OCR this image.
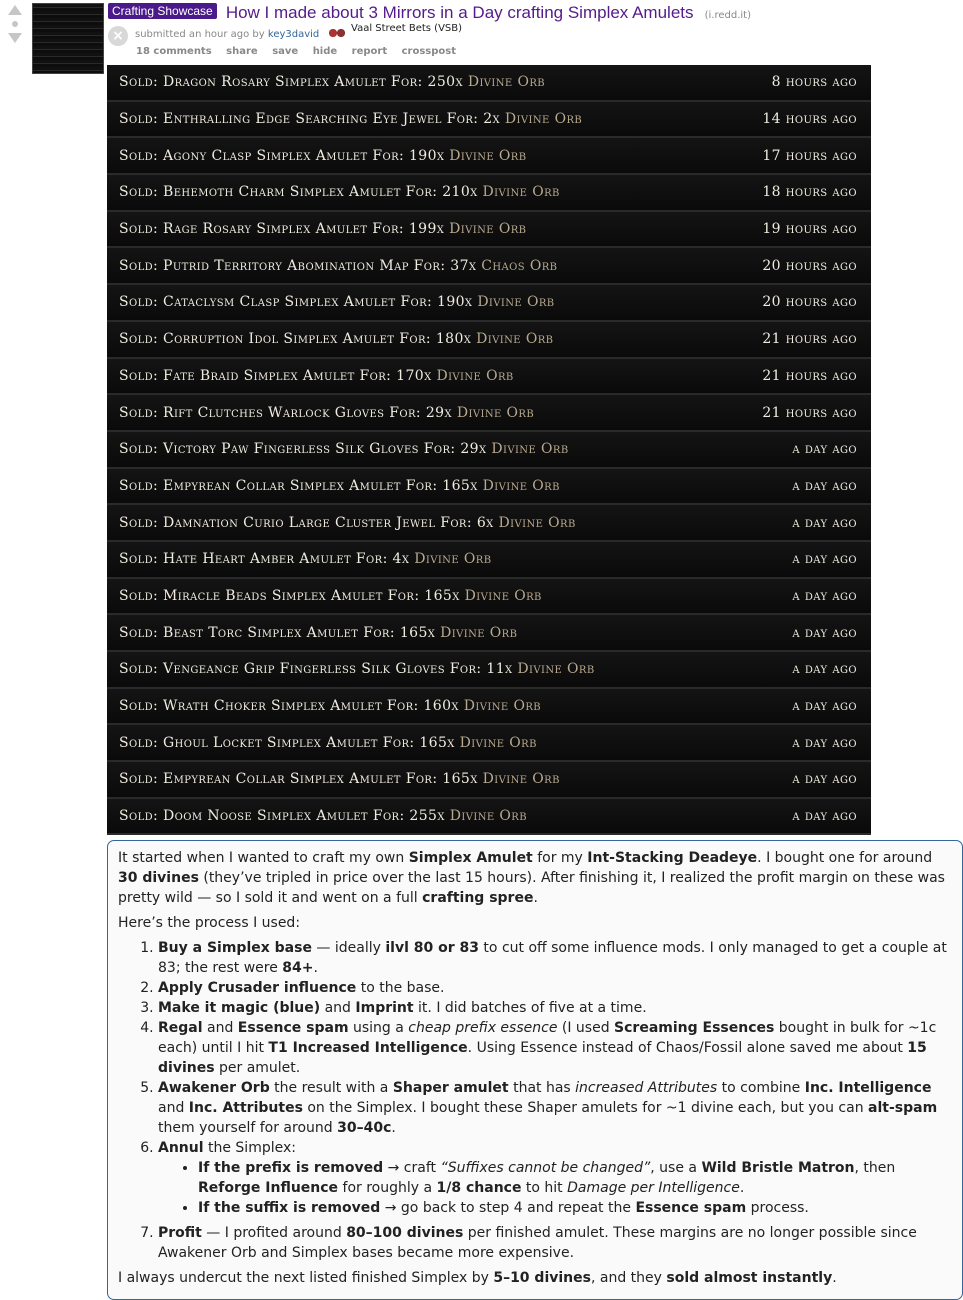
Crafting Showcase How I made about 3 Mirrors in a Day crafting Simplex Amulets (i.redd.it)
×	submitted an hour ago by key3david
Vaal Street Bets (VSB)
18 comments share save hide report crosspost
Sold: Dragon Rosary Simplex Amulet For: 250x Divine Orb	8 hours ago
Sold: Enthralling Edge Searching Eye Jewel For: 2x Divine Orb	14 hours ago
Sold: Agony Clasp Simplex Amulet For: 190x Divine Orb	17 hours ago
Sold: Behemoth Charm Simplex Amulet For: 210x Divine Orb	18 hours ago
Sold: Rage Rosary Simplex Amulet For: 199x Divine Orb	19 hours ago
Sold: Putrid Territory Abomination Map For: 37x Chaos Orb	20 hours ago
Sold: Cataclysm Clasp Simplex Amulet For: 190x Divine Orb	20 hours ago
Sold: Corruption Idol Simplex Amulet For: 180x Divine Orb	21 hours ago
Sold: Fate Braid Simplex Amulet For: 170x Divine Orb	21 hours ago
Sold: Rift Clutches Warlock Gloves For: 29x Divine Orb	21 hours ago
Sold: Victory Paw Fingerless Silk Gloves For: 29x Divine Orb	a day ago
Sold: Empyrean Collar Simplex Amulet For: 165x Divine Orb	a day ago
Sold: Damnation Curio Large Cluster Jewel For: 6x Divine Orb	a day ago
Sold: Hate Heart Amber Amulet For: 4x Divine Orb	a day ago
Sold: Miracle Beads Simplex Amulet For: 165x Divine Orb	a day ago
Sold: Beast Torc Simplex Amulet For: 165x Divine Orb	a day ago
Sold: Vengeance Grip Fingerless Silk Gloves For: 11x Divine Orb	a day ago
Sold: Wrath Choker Simplex Amulet For: 160x Divine Orb	a day ago
Sold: Ghoul Locket Simplex Amulet For: 165x Divine Orb	a day ago
Sold: Empyrean Collar Simplex Amulet For: 165x Divine Orb	a day ago
Sold: Doom Noose Simplex Amulet For: 255x Divine Orb	a day ago

It started when I wanted to craft my own Simplex Amulet for my Int-Stacking Deadeye. I bought one for around 30 divines (they’ve tripled in price over the last 15 hours). After finishing it, I realized the profit margin on these was pretty wild — so I sold it and went on a full crafting spree.

Here’s the process I used:

1. Buy a Simplex base — ideally ilvl 80 or 83 to cut off some influence mods. I only managed to get a couple at 83; the rest were 84+.
2. Apply Crusader influence to the base.
3. Make it magic (blue) and Imprint it. I did batches of five at a time.
4. Regal and Essence spam using a cheap prefix essence (I used Screaming Essences bought in bulk for ~1c each) until I hit T1 Increased Intelligence. Using Essence instead of Chaos/Fossil alone saved me about 15 divines per amulet.
5. Awakener Orb the result with a Shaper amulet that has increased Attributes to combine Inc. Intelligence and Inc. Attributes on the Simplex. I bought these Shaper amulets for ~1 divine each, but you can alt-spam them yourself for around 30–40c.
6. Annul the Simplex:
• If the prefix is removed → craft “Suffixes cannot be changed”, use a Wild Bristle Matron, then Reforge Influence for roughly a 1/8 chance to hit Damage per Intelligence.
• If the suffix is removed → go back to step 4 and repeat the Essence spam process.
7. Profit — I profited around 80–100 divines per finished amulet. These margins are no longer possible since Awakener Orb and Simplex bases became more expensive.

I always undercut the next listed finished Simplex by 5–10 divines, and they sold almost instantly.
